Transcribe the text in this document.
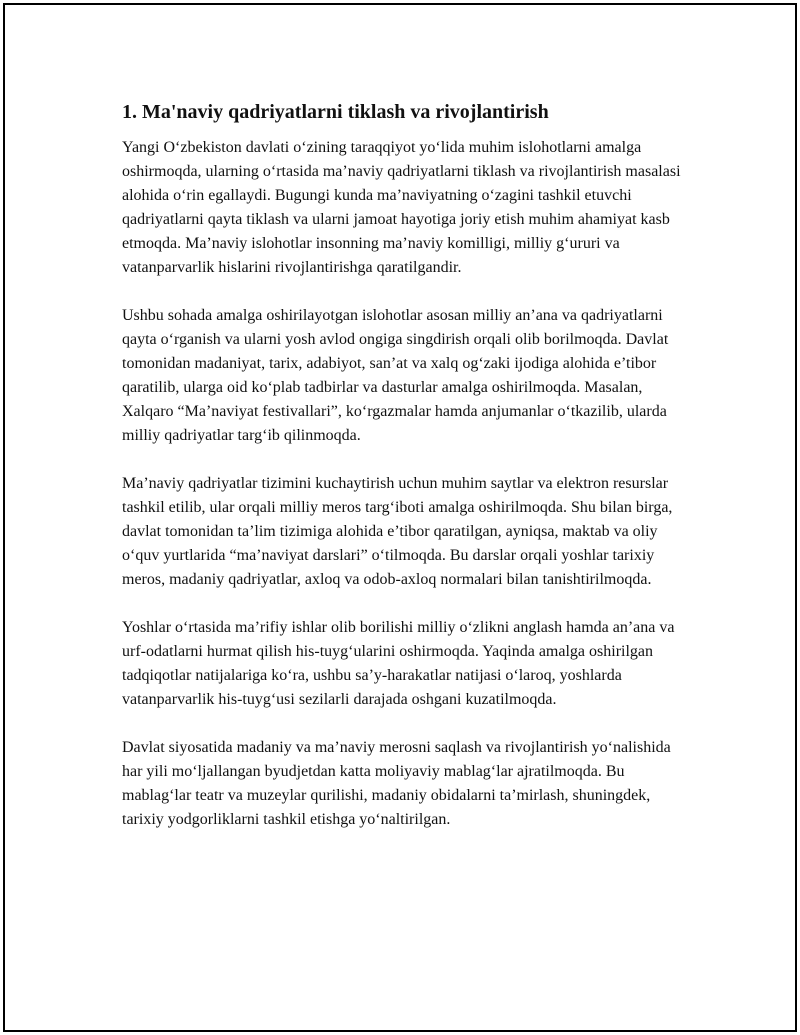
1. Ma'naviy qadriyatlarni tiklash va rivojlantirish

Yangi O‘zbekiston davlati o‘zining taraqqiyot yo‘lida muhim islohotlarni amalga oshirmoqda, ularning o‘rtasida ma’naviy qadriyatlarni tiklash va rivojlantirish masalasi alohida o‘rin egallaydi. Bugungi kunda ma’naviyatning o‘zagini tashkil etuvchi qadriyatlarni qayta tiklash va ularni jamoat hayotiga joriy etish muhim ahamiyat kasb etmoqda. Ma’naviy islohotlar insonning ma’naviy komilligi, milliy g‘ururi va vatanparvarlik hislarini rivojlantirishga qaratilgandir.

Ushbu sohada amalga oshirilayotgan islohotlar asosan milliy an’ana va qadriyatlarni qayta o‘rganish va ularni yosh avlod ongiga singdirish orqali olib borilmoqda. Davlat tomonidan madaniyat, tarix, adabiyot, san’at va xalq og‘zaki ijodiga alohida e’tibor qaratilib, ularga oid ko‘plab tadbirlar va dasturlar amalga oshirilmoqda. Masalan, Xalqaro “Ma’naviyat festivallari”, ko‘rgazmalar hamda anjumanlar o‘tkazilib, ularda milliy qadriyatlar targ‘ib qilinmoqda.

Ma’naviy qadriyatlar tizimini kuchaytirish uchun muhim saytlar va elektron resurslar tashkil etilib, ular orqali milliy meros targ‘iboti amalga oshirilmoqda. Shu bilan birga, davlat tomonidan ta’lim tizimiga alohida e’tibor qaratilgan, ayniqsa, maktab va oliy o‘quv yurtlarida “ma’naviyat darslari” o‘tilmoqda. Bu darslar orqali yoshlar tarixiy meros, madaniy qadriyatlar, axloq va odob-axloq normalari bilan tanishtirilmoqda.

Yoshlar o‘rtasida ma’rifiy ishlar olib borilishi milliy o‘zlikni anglash hamda an’ana va urf-odatlarni hurmat qilish his-tuyg‘ularini oshirmoqda. Yaqinda amalga oshirilgan tadqiqotlar natijalariga ko‘ra, ushbu sa’y-harakatlar natijasi o‘laroq, yoshlarda vatanparvarlik his-tuyg‘usi sezilarli darajada oshgani kuzatilmoqda.

Davlat siyosatida madaniy va ma’naviy merosni saqlash va rivojlantirish yo‘nalishida har yili mo‘ljallangan byudjetdan katta moliyaviy mablag‘lar ajratilmoqda. Bu mablag‘lar teatr va muzeylar qurilishi, madaniy obidalarni ta’mirlash, shuningdek, tarixiy yodgorliklarni tashkil etishga yo‘naltirilgan.
